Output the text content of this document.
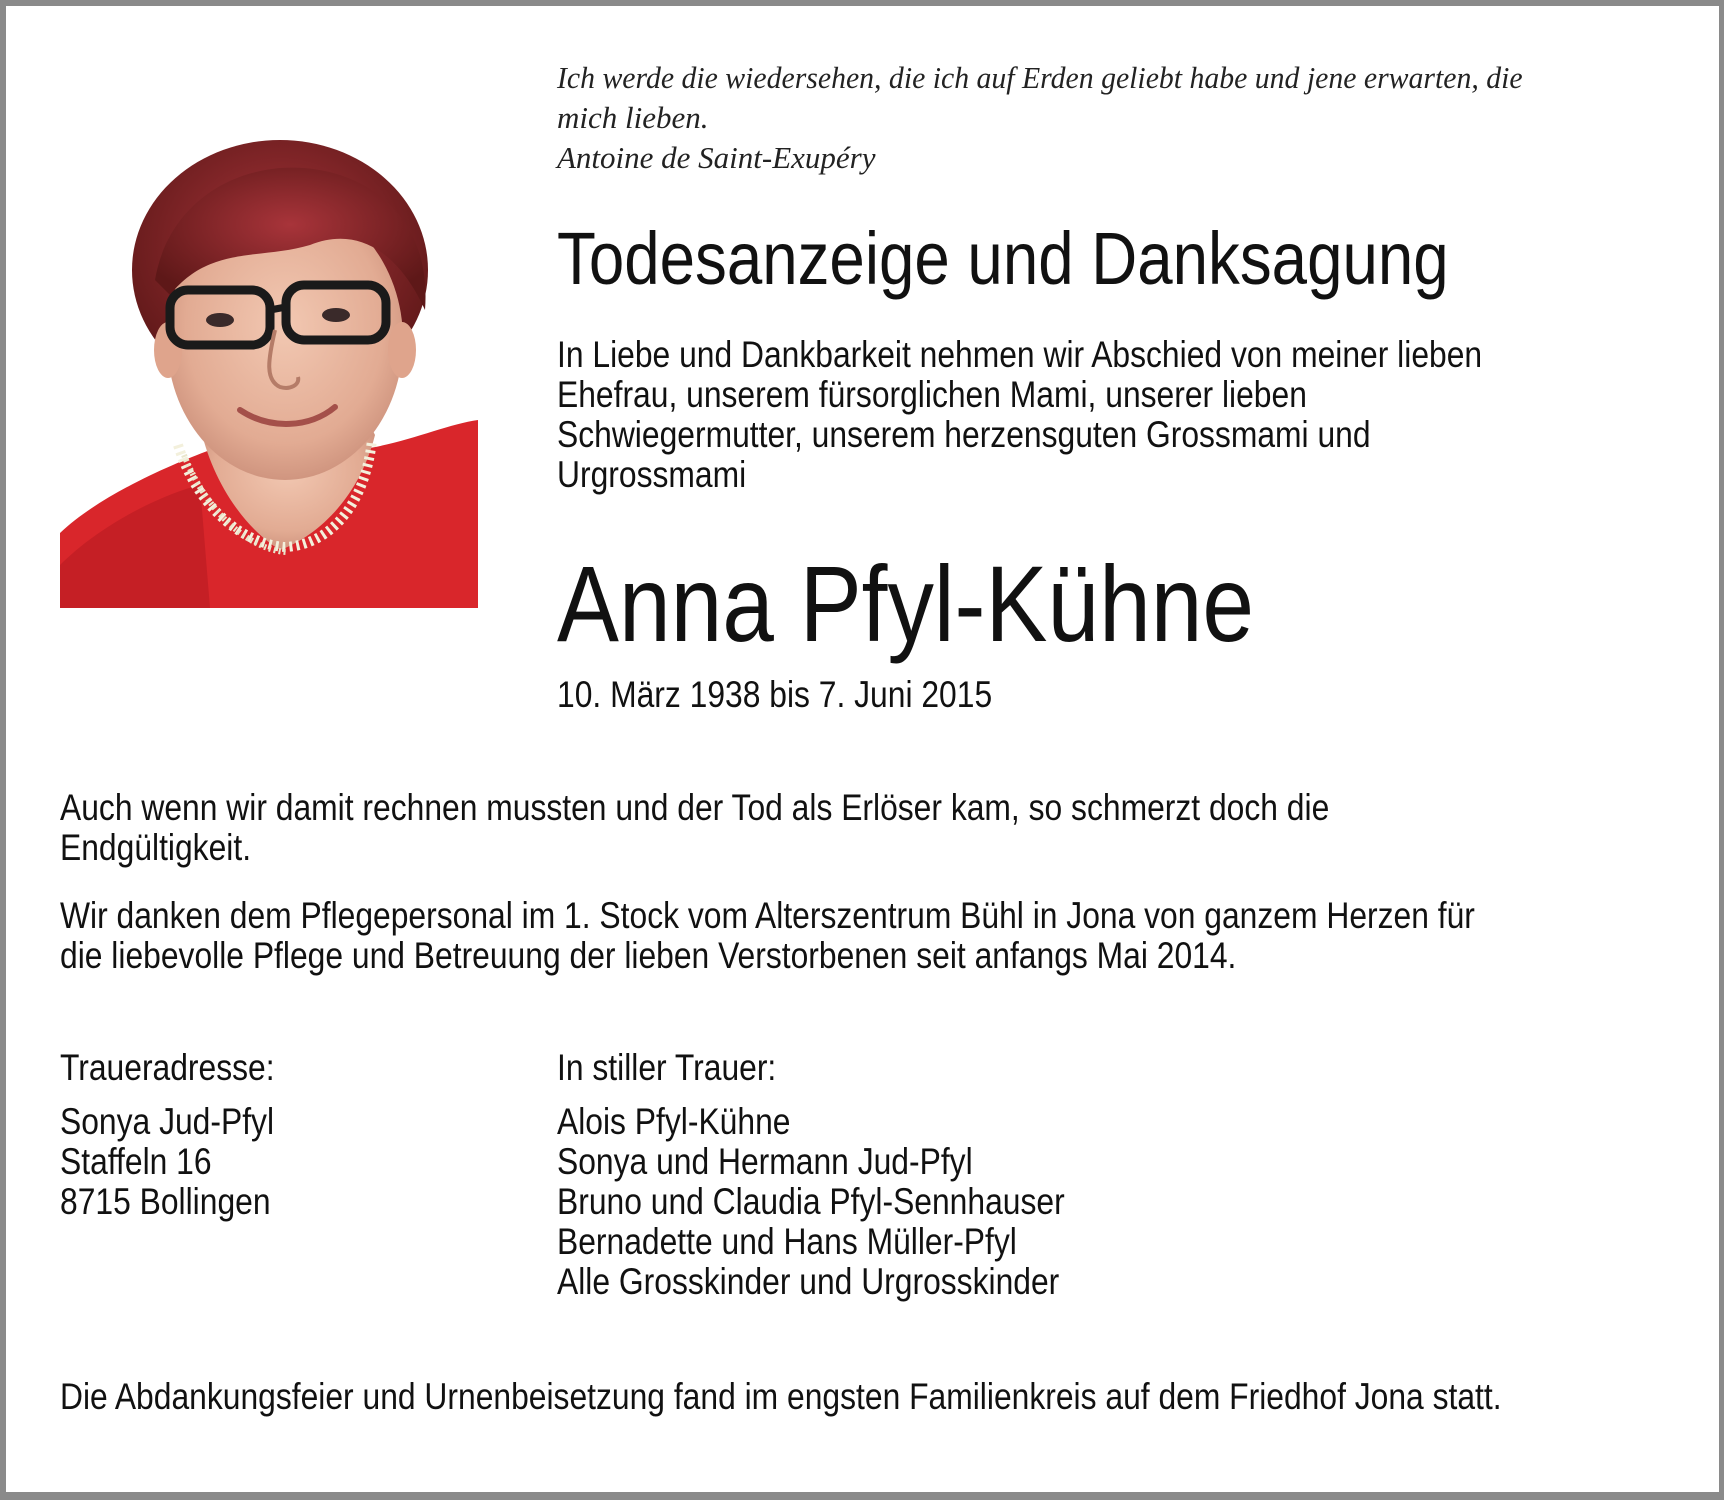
Ich werde die wiedersehen, die ich auf Erden geliebt habe und jene erwarten, die
mich lieben.
Antoine de Saint-Exupéry
Todesanzeige und Danksagung
In Liebe und Dankbarkeit nehmen wir Abschied von meiner lieben
Ehefrau, unserem fürsorglichen Mami, unserer lieben
Schwiegermutter, unserem herzensguten Grossmami und
Urgrossmami
Anna Pfyl-Kühne
10. März 1938 bis 7. Juni 2015
Auch wenn wir damit rechnen mussten und der Tod als Erlöser kam, so schmerzt doch die
Endgültigkeit.
Wir danken dem Pflegepersonal im 1. Stock vom Alterszentrum Bühl in Jona von ganzem Herzen für
die liebevolle Pflege und Betreuung der lieben Verstorbenen seit anfangs Mai 2014.
Traueradresse:
Sonya Jud-Pfyl
Staffeln 16
8715 Bollingen
In stiller Trauer:
Alois Pfyl-Kühne
Sonya und Hermann Jud-Pfyl
Bruno und Claudia Pfyl-Sennhauser
Bernadette und Hans Müller-Pfyl
Alle Grosskinder und Urgrosskinder
Die Abdankungsfeier und Urnenbeisetzung fand im engsten Familienkreis auf dem Friedhof Jona statt.
